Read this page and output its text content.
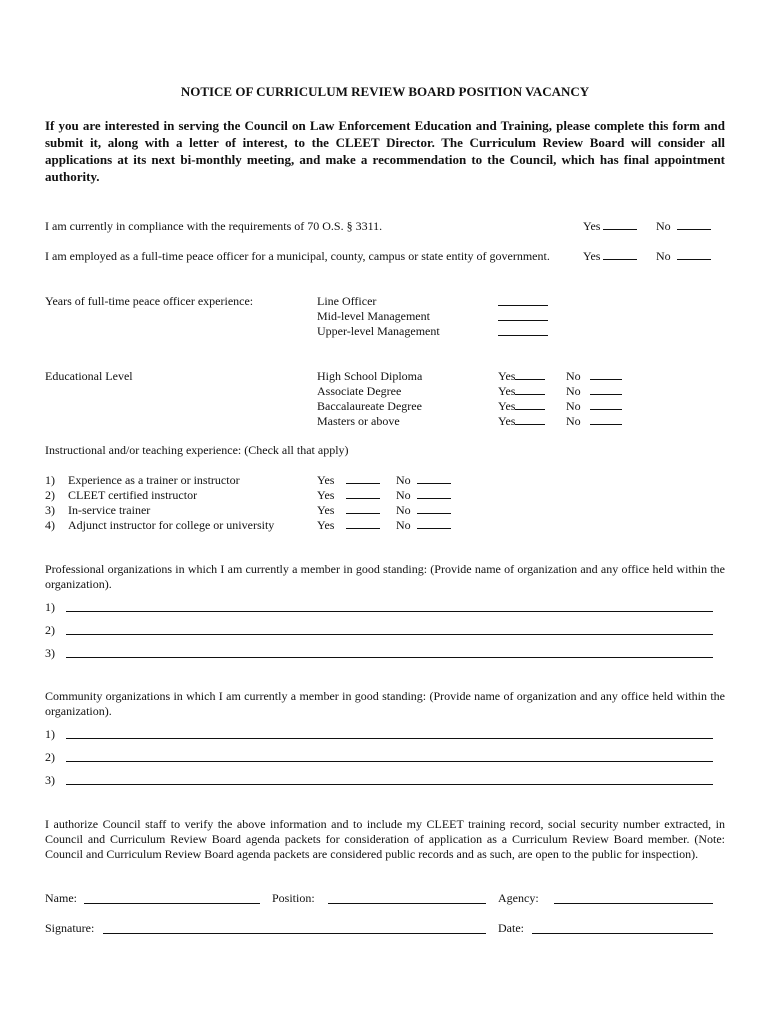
NOTICE OF CURRICULUM REVIEW BOARD POSITION VACANCY
If you are interested in serving the Council on Law Enforcement Education and Training, please complete this form and submit it, along with a letter of interest, to the CLEET Director. The Curriculum Review Board will consider all applications at its next bi-monthly meeting, and make a recommendation to the Council, which has final appointment authority.
I am currently in compliance with the requirements of 70 O.S. § 3311.	Yes	No
I am employed as a full-time peace officer for a municipal, county, campus or state entity of government.	Yes	No
Years of full-time peace officer experience:	Line Officer
Mid-level Management
Upper-level Management
Educational Level	High School Diploma	Yes	No
Associate Degree	Yes	No
Baccalaureate Degree	Yes	No
Masters or above	Yes	No
Instructional and/or teaching experience: (Check all that apply)
1) Experience as a trainer or instructor	Yes	No
2) CLEET certified instructor	Yes	No
3) In-service trainer	Yes	No
4) Adjunct instructor for college or university	Yes	No
Professional organizations in which I am currently a member in good standing: (Provide name of organization and any office held within the organization).
1)
2)
3)
Community organizations in which I am currently a member in good standing: (Provide name of organization and any office held within the organization).
1)
2)
3)
I authorize Council staff to verify the above information and to include my CLEET training record, social security number extracted, in Council and Curriculum Review Board agenda packets for consideration of application as a Curriculum Review Board member. (Note: Council and Curriculum Review Board agenda packets are considered public records and as such, are open to the public for inspection).
Name:	Position:	Agency:
Signature:	Date:
